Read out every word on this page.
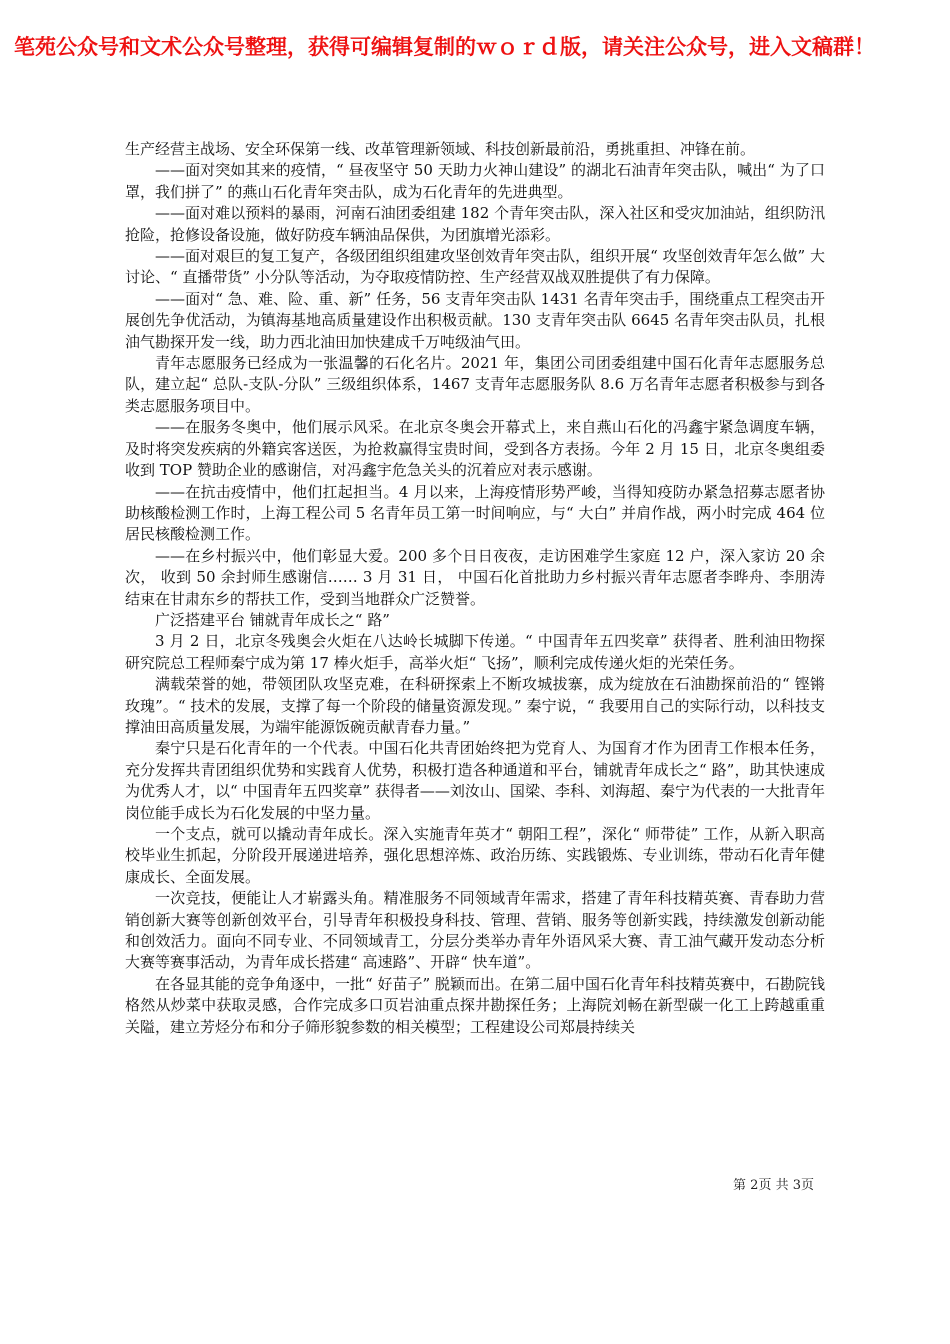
笔苑公众号和文术公众号整理，获得可编辑复制的ｗｏｒｄ版，请关注公众号，进入文稿群！

生产经营主战场、安全环保第一线、改革管理新领域、科技创新最前沿，勇挑重担、冲锋在前。

——面对突如其来的疫情，“ 昼夜坚守 50 天助力火神山建设” 的湖北石油青年突击队，喊出“ 为了口罩，我们拼了” 的燕山石化青年突击队，成为石化青年的先进典型。

——面对难以预料的暴雨，河南石油团委组建 182 个青年突击队，深入社区和受灾加油站，组织防汛抢险，抢修设备设施，做好防疫车辆油品保供，为团旗增光添彩。

——面对艰巨的复工复产，各级团组织组建攻坚创效青年突击队，组织开展“ 攻坚创效青年怎么做” 大讨论、“ 直播带货” 小分队等活动，为夺取疫情防控、生产经营双战双胜提供了有力保障。

——面对“ 急、难、险、重、新” 任务，56 支青年突击队 1431 名青年突击手，围绕重点工程突击开展创先争优活动，为镇海基地高质量建设作出积极贡献。130 支青年突击队 6645 名青年突击队员，扎根油气勘探开发一线，助力西北油田加快建成千万吨级油气田。

青年志愿服务已经成为一张温馨的石化名片。2021 年，集团公司团委组建中国石化青年志愿服务总队，建立起“ 总队-支队-分队” 三级组织体系，1467 支青年志愿服务队 8.6 万名青年志愿者积极参与到各类志愿服务项目中。

——在服务冬奥中，他们展示风采。在北京冬奥会开幕式上，来自燕山石化的冯鑫宇紧急调度车辆，及时将突发疾病的外籍宾客送医，为抢救赢得宝贵时间，受到各方表扬。今年 2 月 15 日，北京冬奥组委收到 TOP 赞助企业的感谢信，对冯鑫宇危急关头的沉着应对表示感谢。

——在抗击疫情中，他们扛起担当。4 月以来，上海疫情形势严峻，当得知疫防办紧急招募志愿者协助核酸检测工作时，上海工程公司 5 名青年员工第一时间响应，与“ 大白” 并肩作战，两小时完成 464 位居民核酸检测工作。

——在乡村振兴中，他们彰显大爱。200 多个日日夜夜，走访困难学生家庭 12 户，深入家访 20 余次， 收到 50 余封师生感谢信…… 3 月 31 日， 中国石化首批助力乡村振兴青年志愿者李晔舟、李朋涛结束在甘肃东乡的帮扶工作，受到当地群众广泛赞誉。

广泛搭建平台 铺就青年成长之“ 路”

3 月 2 日，北京冬残奥会火炬在八达岭长城脚下传递。“ 中国青年五四奖章” 获得者、胜利油田物探研究院总工程师秦宁成为第 17 棒火炬手，高举火炬“ 飞扬”，顺利完成传递火炬的光荣任务。

满载荣誉的她，带领团队攻坚克难，在科研探索上不断攻城拔寨，成为绽放在石油勘探前沿的“ 铿锵玫瑰”。“ 技术的发展，支撑了每一个阶段的储量资源发现。” 秦宁说，“ 我要用自己的实际行动，以科技支撑油田高质量发展，为端牢能源饭碗贡献青春力量。”

秦宁只是石化青年的一个代表。中国石化共青团始终把为党育人、为国育才作为团青工作根本任务，充分发挥共青团组织优势和实践育人优势，积极打造各种通道和平台，铺就青年成长之“ 路”，助其快速成为优秀人才，以“ 中国青年五四奖章” 获得者——刘汝山、国梁、李科、刘海超、秦宁为代表的一大批青年岗位能手成长为石化发展的中坚力量。

一个支点，就可以撬动青年成长。深入实施青年英才“ 朝阳工程”，深化“ 师带徒” 工作，从新入职高校毕业生抓起，分阶段开展递进培养，强化思想淬炼、政治历练、实践锻炼、专业训练，带动石化青年健康成长、全面发展。

一次竞技，便能让人才崭露头角。精准服务不同领域青年需求，搭建了青年科技精英赛、青春助力营销创新大赛等创新创效平台，引导青年积极投身科技、管理、营销、服务等创新实践，持续激发创新动能和创效活力。面向不同专业、不同领域青工，分层分类举办青年外语风采大赛、青工油气藏开发动态分析大赛等赛事活动，为青年成长搭建“ 高速路”、开辟“ 快车道”。

在各显其能的竞争角逐中，一批“ 好苗子” 脱颖而出。在第二届中国石化青年科技精英赛中，石勘院钱格然从炒菜中获取灵感，合作完成多口页岩油重点探井勘探任务；上海院刘畅在新型碳一化工上跨越重重关隘，建立芳烃分布和分子筛形貌参数的相关模型；工程建设公司郑晨持续关

第 2页 共 3页
